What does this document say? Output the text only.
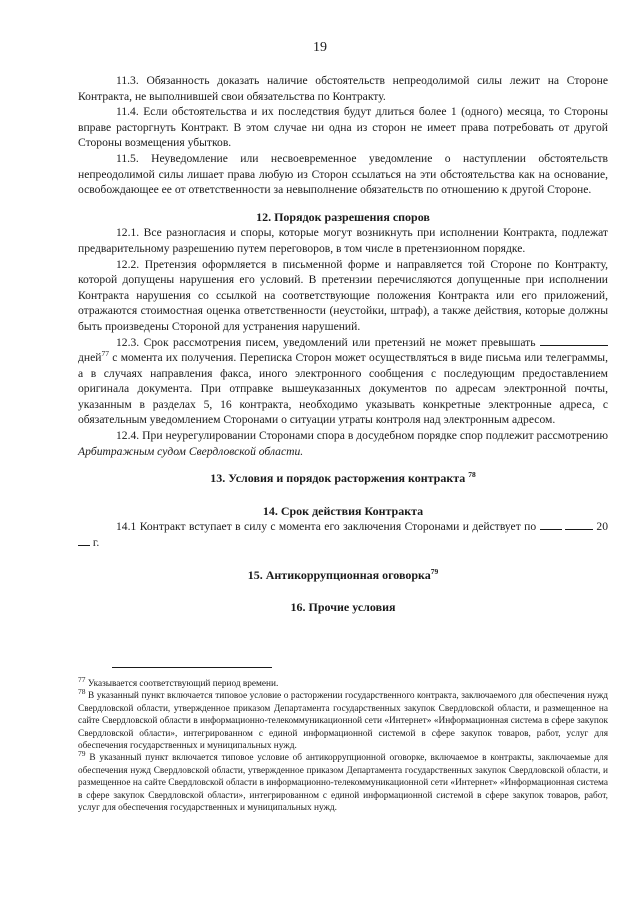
19

11.3. Обязанность доказать наличие обстоятельств непреодолимой силы лежит на Стороне Контракта, не выполнившей свои обязательства по Контракту.

11.4. Если обстоятельства и их последствия будут длиться более 1 (одного) месяца, то Стороны вправе расторгнуть Контракт. В этом случае ни одна из сторон не имеет права потребовать от другой Стороны возмещения убытков.

11.5. Неуведомление или несвоевременное уведомление о наступлении обстоятельств непреодолимой силы лишает права любую из Сторон ссылаться на эти обстоятельства как на основание, освобождающее ее от ответственности за невыполнение обязательств по отношению к другой Стороне.

12. Порядок разрешения споров

12.1. Все разногласия и споры, которые могут возникнуть при исполнении Контракта, подлежат предварительному разрешению путем переговоров, в том числе в претензионном порядке.

12.2. Претензия оформляется в письменной форме и направляется той Стороне по Контракту, которой допущены нарушения его условий. В претензии перечисляются допущенные при исполнении Контракта нарушения со ссылкой на соответствующие положения Контракта или его приложений, отражаются стоимостная оценка ответственности (неустойки, штраф), а также действия, которые должны быть произведены Стороной для устранения нарушений.

12.3. Срок рассмотрения писем, уведомлений или претензий не может превышать  дней$^{77}$ с момента их получения. Переписка Сторон может осуществляться в виде письма или телеграммы, а в случаях направления факса, иного электронного сообщения с последующим предоставлением оригинала документа. При отправке вышеуказанных документов по адресам электронной почты, указанным в разделах 5, 16 контракта, необходимо указывать конкретные электронные адреса, с обязательным уведомлением Сторонами о ситуации утраты контроля над электронным адресом.

12.4. При неурегулировании Сторонами спора в досудебном порядке спор подлежит рассмотрению Арбитражным судом Свердловской области.

13. Условия и порядок расторжения контракта $^{78}$
14. Срок действия Контракта

14.1 Контракт вступает в силу с момента его заключения Сторонами и действует по	20 г.

15. Антикоррупционная оговорка$^{79}$
16. Прочие условия

$^{77}$ Указывается соответствующий период времени.

$^{78}$ В указанный пункт включается типовое условие о расторжении государственного контракта, заключаемого для обеспечения нужд Свердловской области, утвержденное приказом Департамента государственных закупок Свердловской области, и размещенное на сайте Свердловской области в информационно-телекоммуникационной сети «Интернет» «Информационная система в сфере закупок Свердловской области», интегрированном с единой информационной системой в сфере закупок товаров, работ, услуг для обеспечения государственных и муниципальных нужд.

$^{79}$ В указанный пункт включается типовое условие об антикоррупционной оговорке, включаемое в контракты, заключаемые для обеспечения нужд Свердловской области, утвержденное приказом Департамента государственных закупок Свердловской области, и размещенное на сайте Свердловской области в информационно-телекоммуникационной сети «Интернет» «Информационная система в сфере закупок Свердловской области», интегрированном с единой информационной системой в сфере закупок товаров, работ, услуг для обеспечения государственных и муниципальных нужд.
